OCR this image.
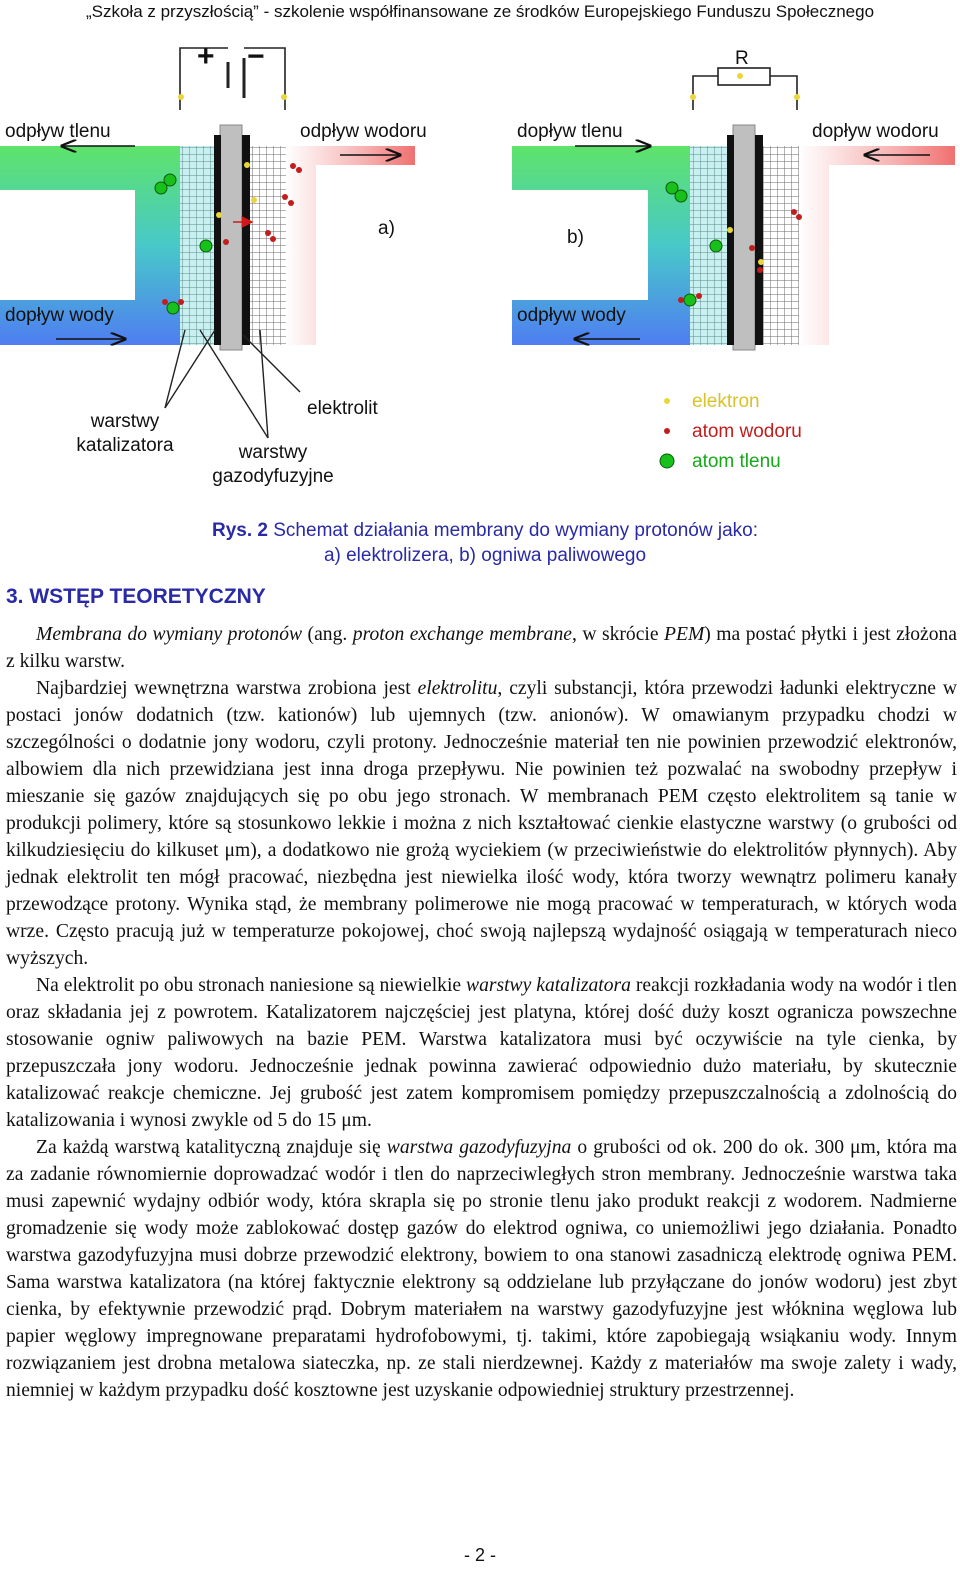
„Szkoła z przyszłością” - szkolenie współfinansowane ze środków Europejskiego Funduszu Społecznego
+ −
odpływ tlenu	odpływ wodoru
dopływ wody
a)
dopływ tlenu	dopływ wodoru
odpływ wody
b)
R
warstwy
katalizatora
elektrolit
warstwy
gazodyfuzyjne
elektron
atom wodoru
atom tlenu
Rys. 2 Schemat działania membrany do wymiany protonów jako:
a) elektrolizera, b) ogniwa paliwowego
3. WSTĘP TEORETYCZNY

Membrana do wymiany protonów (ang. proton exchange membrane, w skrócie PEM) ma postać płytki i jest złożona z kilku warstw.

Najbardziej wewnętrzna warstwa zrobiona jest elektrolitu, czyli substancji, która przewodzi ładunki elektryczne w postaci jonów dodatnich (tzw. kationów) lub ujemnych (tzw. anionów). W omawianym przypadku chodzi w szczególności o dodatnie jony wodoru, czyli protony. Jednocześnie materiał ten nie powinien przewodzić elektronów, albowiem dla nich przewidziana jest inna droga przepływu. Nie powinien też pozwalać na swobodny przepływ i mieszanie się gazów znajdujących się po obu jego stronach. W membranach PEM często elektrolitem są tanie w produkcji polimery, które są stosunkowo lekkie i można z nich kształtować cienkie elastyczne warstwy (o grubości od kilkudziesięciu do kilkuset μm), a dodatkowo nie grożą wyciekiem (w przeciwieństwie do elektrolitów płynnych). Aby jednak elektrolit ten mógł pracować, niezbędna jest niewielka ilość wody, która tworzy wewnątrz polimeru kanały przewodzące protony. Wynika stąd, że membrany polimerowe nie mogą pracować w temperaturach, w których woda wrze. Często pracują już w temperaturze pokojowej, choć swoją najlepszą wydajność osiągają w temperaturach nieco wyższych.

Na elektrolit po obu stronach naniesione są niewielkie warstwy katalizatora reakcji rozkładania wody na wodór i tlen oraz składania jej z powrotem. Katalizatorem najczęściej jest platyna, której dość duży koszt ogranicza powszechne stosowanie ogniw paliwowych na bazie PEM. Warstwa katalizatora musi być oczywiście na tyle cienka, by przepuszczała jony wodoru. Jednocześnie jednak powinna zawierać odpowiednio dużo materiału, by skutecznie katalizować reakcje chemiczne. Jej grubość jest zatem kompromisem pomiędzy przepuszczalnością a zdolnością do katalizowania i wynosi zwykle od 5 do 15 μm.

Za każdą warstwą katalityczną znajduje się warstwa gazodyfuzyjna o grubości od ok. 200 do ok. 300 μm, która ma za zadanie równomiernie doprowadzać wodór i tlen do naprzeciwległych stron membrany. Jednocześnie warstwa taka musi zapewnić wydajny odbiór wody, która skrapla się po stronie tlenu jako produkt reakcji z wodorem. Nadmierne gromadzenie się wody może zablokować dostęp gazów do elektrod ogniwa, co uniemożliwi jego działania. Ponadto warstwa gazodyfuzyjna musi dobrze przewodzić elektrony, bowiem to ona stanowi zasadniczą elektrodę ogniwa PEM. Sama warstwa katalizatora (na której faktycznie elektrony są oddzielane lub przyłączane do jonów wodoru) jest zbyt cienka, by efektywnie przewodzić prąd. Dobrym materiałem na warstwy gazodyfuzyjne jest włóknina węglowa lub papier węglowy impregnowane preparatami hydrofobowymi, tj. takimi, które zapobiegają wsiąkaniu wody. Innym rozwiązaniem jest drobna metalowa siateczka, np. ze stali nierdzewnej. Każdy z materiałów ma swoje zalety i wady, niemniej w każdym przypadku dość kosztowne jest uzyskanie odpowiedniej struktury przestrzennej.

- 2 -
